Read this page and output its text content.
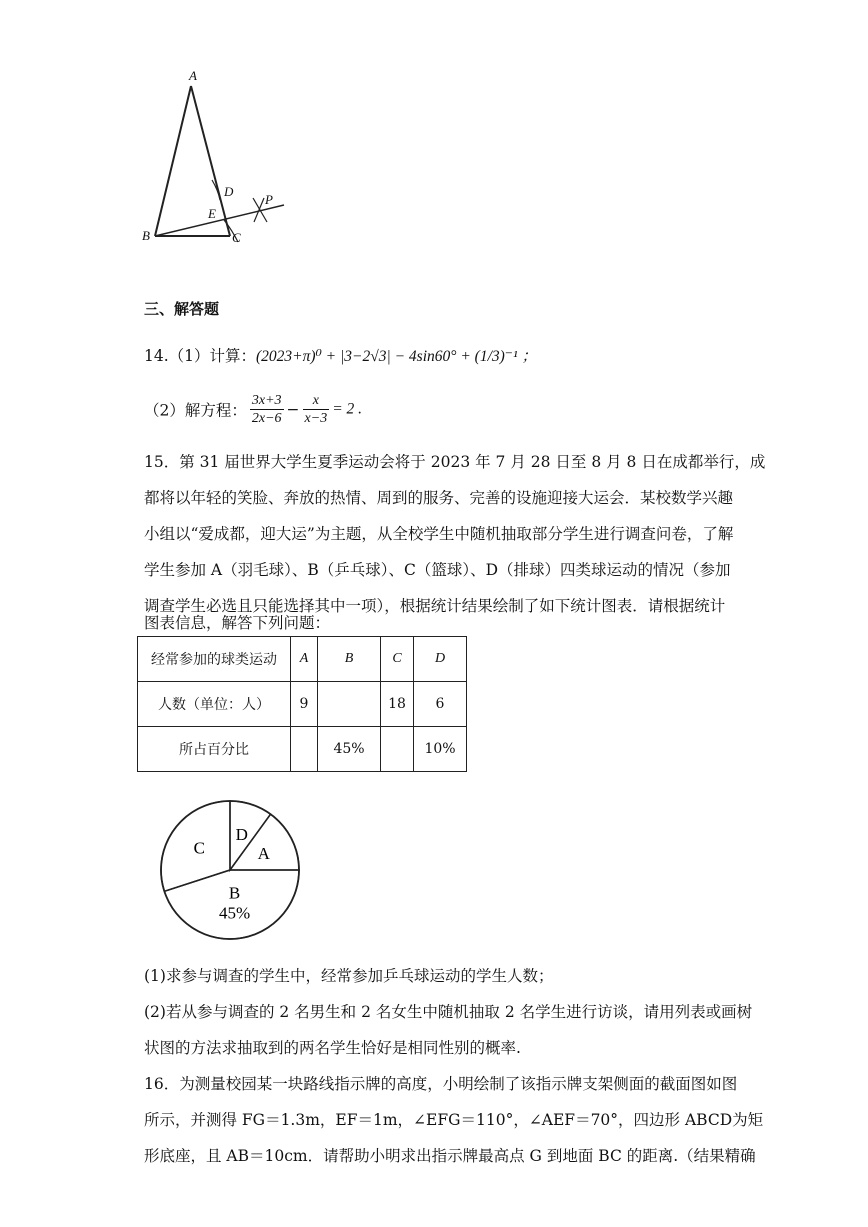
A
B	C
D
E
P
三、解答题
14.（1）计算：(2023+π)⁰ + |3−2√3| − 4sin60° + (1/3)⁻¹ ；
（2）解方程： $\frac{3x+3}{2x-6} - \frac{x}{x-3} = 2$ .
15．第 31 届世界大学生夏季运动会将于 2023 年 7 月 28 日至 8 月 8 日在成都举行，成
都将以年轻的笑脸、奔放的热情、周到的服务、完善的设施迎接大运会．某校数学兴趣
小组以“爱成都，迎大运”为主题，从全校学生中随机抽取部分学生进行调查问卷，了解
学生参加 A（羽毛球）、B（乒乓球）、C（篮球）、D（排球）四类球运动的情况（参加
调查学生必选且只能选择其中一项），根据统计结果绘制了如下统计图表．请根据统计
图表信息，解答下列问题：
经常参加的球类运动	A	B	C	D
人数（单位：人）	9		18	6
所占百分比		45%		10%
D
A
B
45%
C
(1)求参与调查的学生中，经常参加乒乓球运动的学生人数；
(2)若从参与调查的 2 名男生和 2 名女生中随机抽取 2 名学生进行访谈，请用列表或画树
状图的方法求抽取到的两名学生恰好是相同性别的概率.
16．为测量校园某一块路线指示牌的高度，小明绘制了该指示牌支架侧面的截面图如图
所示，并测得 FG＝1.3m，EF＝1m，∠EFG＝110°，∠AEF＝70°，四边形 ABCD为矩
形底座，且 AB＝10cm．请帮助小明求出指示牌最高点 G 到地面 BC 的距离.（结果精确
